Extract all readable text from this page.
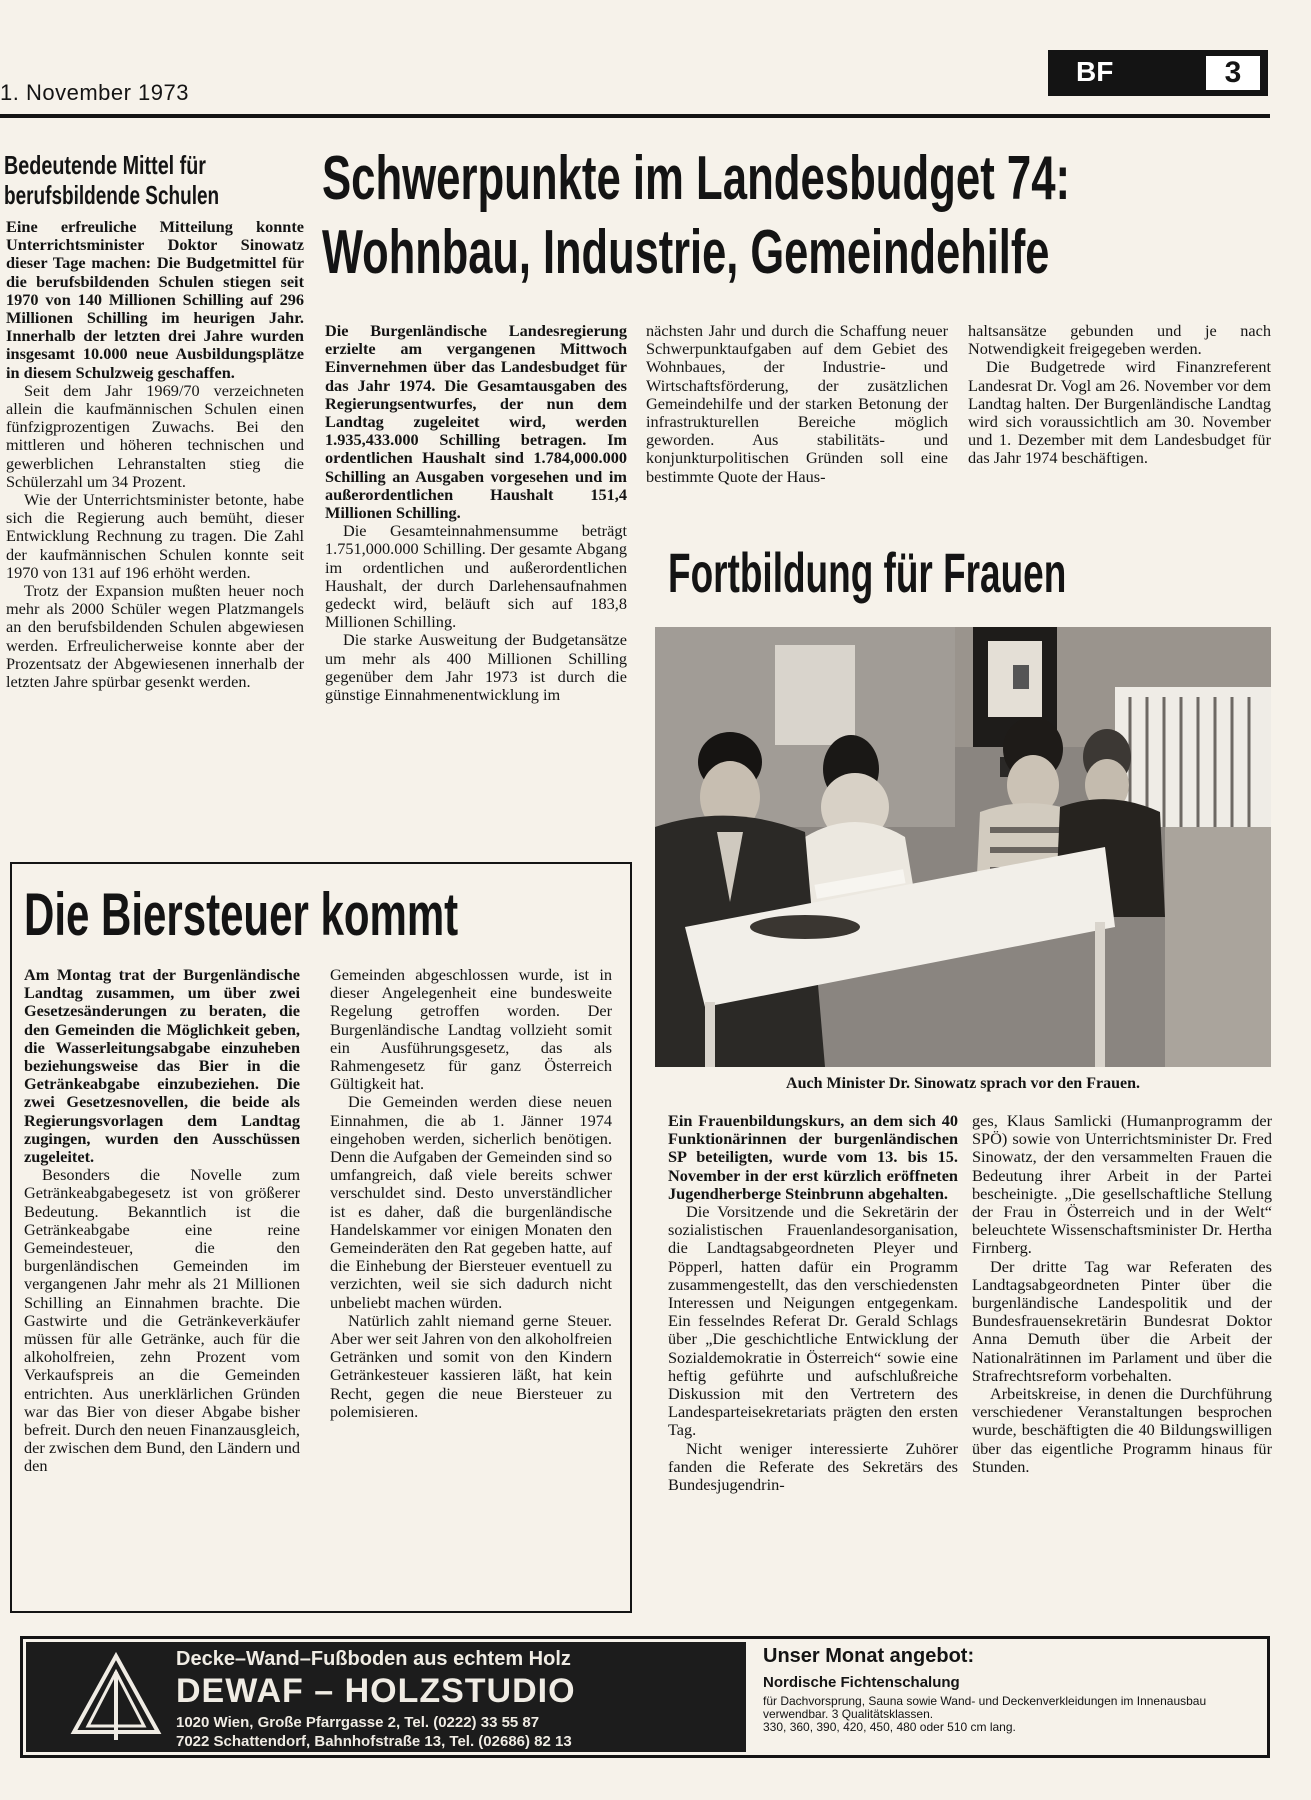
1. November 1973
BF	3
Bedeutende Mittel für
berufsbildende Schulen

Eine erfreuliche Mitteilung konnte Unterrichtsminister Doktor Sinowatz dieser Tage machen: Die Budgetmittel für die berufsbildenden Schulen stiegen seit 1970 von 140 Millionen Schilling auf 296 Millionen Schilling im heurigen Jahr. Innerhalb der letzten drei Jahre wurden insgesamt 10.000 neue Ausbildungsplätze in diesem Schulzweig geschaffen.

Seit dem Jahr 1969/70 verzeichneten allein die kaufmännischen Schulen einen fünfzigprozentigen Zuwachs. Bei den mittleren und höheren technischen und gewerblichen Lehranstalten stieg die Schülerzahl um 34 Prozent.

Wie der Unterrichtsminister betonte, habe sich die Regierung auch bemüht, dieser Entwicklung Rechnung zu tragen. Die Zahl der kaufmännischen Schulen konnte seit 1970 von 131 auf 196 erhöht werden.

Trotz der Expansion mußten heuer noch mehr als 2000 Schüler wegen Platzmangels an den berufsbildenden Schulen abgewiesen werden. Erfreulicherweise konnte aber der Prozentsatz der Abgewiesenen innerhalb der letzten Jahre spürbar gesenkt werden.

Schwerpunkte im Landesbudget 74:
Wohnbau, Industrie, Gemeindehilfe

Die Burgenländische Landesregierung erzielte am vergangenen Mittwoch Einvernehmen über das Landesbudget für das Jahr 1974. Die Gesamtausgaben des Regierungsentwurfes, der nun dem Landtag zugeleitet wird, werden 1.935,433.000 Schilling betragen. Im ordentlichen Haushalt sind 1.784,000.000 Schilling an Ausgaben vorgesehen und im außerordentlichen Haushalt 151,4 Millionen Schilling.

Die Gesamteinnahmensumme beträgt 1.751,000.000 Schilling. Der gesamte Abgang im ordentlichen und außerordentlichen Haushalt, der durch Darlehensaufnahmen gedeckt wird, beläuft sich auf 183,8 Millionen Schilling.

Die starke Ausweitung der Budgetansätze um mehr als 400 Millionen Schilling gegenüber dem Jahr 1973 ist durch die günstige Einnahmenentwicklung im

nächsten Jahr und durch die Schaffung neuer Schwerpunktaufgaben auf dem Gebiet des Wohnbaues, der Industrie- und Wirtschaftsförderung, der zusätzlichen Gemeindehilfe und der starken Betonung der infrastrukturellen Bereiche möglich geworden. Aus stabilitäts- und konjunkturpolitischen Gründen soll eine bestimmte Quote der Haus-

haltsansätze gebunden und je nach Notwendigkeit freigegeben werden.

Die Budgetrede wird Finanzreferent Landesrat Dr. Vogl am 26. November vor dem Landtag halten. Der Burgenländische Landtag wird sich voraussichtlich am 30. November und 1. Dezember mit dem Landesbudget für das Jahr 1974 beschäftigen.

Fortbildung für Frauen
Auch Minister Dr. Sinowatz sprach vor den Frauen.

Ein Frauenbildungskurs, an dem sich 40 Funktionärinnen der burgenländischen SP beteiligten, wurde vom 13. bis 15. November in der erst kürzlich eröffneten Jugendherberge Steinbrunn abgehalten.

Die Vorsitzende und die Sekretärin der sozialistischen Frauenlandesorganisation, die Landtagsabgeordneten Pleyer und Pöpperl, hatten dafür ein Programm zusammengestellt, das den verschiedensten Interessen und Neigungen entgegenkam. Ein fesselndes Referat Dr. Gerald Schlags über „Die geschichtliche Entwicklung der Sozialdemokratie in Österreich“ sowie eine heftig geführte und aufschlußreiche Diskussion mit den Vertretern des Landesparteisekretariats prägten den ersten Tag.

Nicht weniger interessierte Zuhörer fanden die Referate des Sekretärs des Bundesjugendrin-

ges, Klaus Samlicki (Humanprogramm der SPÖ) sowie von Unterrichtsminister Dr. Fred Sinowatz, der den versammelten Frauen die Bedeutung ihrer Arbeit in der Partei bescheinigte. „Die gesellschaftliche Stellung der Frau in Österreich und in der Welt“ beleuchtete Wissenschaftsminister Dr. Hertha Firnberg.

Der dritte Tag war Referaten des Landtagsabgeordneten Pinter über die burgenländische Landespolitik und der Bundesfrauensekretärin Bundesrat Doktor Anna Demuth über die Arbeit der Nationalrätinnen im Parlament und über die Strafrechtsreform vorbehalten.

Arbeitskreise, in denen die Durchführung verschiedener Veranstaltungen besprochen wurde, beschäftigten die 40 Bildungswilligen über das eigentliche Programm hinaus für Stunden.

Die Biersteuer kommt

Am Montag trat der Burgenländische Landtag zusammen, um über zwei Gesetzesänderungen zu beraten, die den Gemeinden die Möglichkeit geben, die Wasserleitungsabgabe einzuheben beziehungsweise das Bier in die Getränkeabgabe einzubeziehen. Die zwei Gesetzesnovellen, die beide als Regierungsvorlagen dem Landtag zugingen, wurden den Ausschüssen zugeleitet.

Besonders die Novelle zum Getränkeabgabegesetz ist von größerer Bedeutung. Bekanntlich ist die Getränkeabgabe eine reine Gemeindesteuer, die den burgenländischen Gemeinden im vergangenen Jahr mehr als 21 Millionen Schilling an Einnahmen brachte. Die Gastwirte und die Getränkeverkäufer müssen für alle Getränke, auch für die alkoholfreien, zehn Prozent vom Verkaufspreis an die Gemeinden entrichten. Aus unerklärlichen Gründen war das Bier von dieser Abgabe bisher befreit. Durch den neuen Finanzausgleich, der zwischen dem Bund, den Ländern und den

Gemeinden abgeschlossen wurde, ist in dieser Angelegenheit eine bundesweite Regelung getroffen worden. Der Burgenländische Landtag vollzieht somit ein Ausführungsgesetz, das als Rahmengesetz für ganz Österreich Gültigkeit hat.

Die Gemeinden werden diese neuen Einnahmen, die ab 1. Jänner 1974 eingehoben werden, sicherlich benötigen. Denn die Aufgaben der Gemeinden sind so umfangreich, daß viele bereits schwer verschuldet sind. Desto unverständlicher ist es daher, daß die burgenländische Handelskammer vor einigen Monaten den Gemeinderäten den Rat gegeben hatte, auf die Einhebung der Biersteuer eventuell zu verzichten, weil sie sich dadurch nicht unbeliebt machen würden.

Natürlich zahlt niemand gerne Steuer. Aber wer seit Jahren von den alkoholfreien Getränken und somit von den Kindern Getränkesteuer kassieren läßt, hat kein Recht, gegen die neue Biersteuer zu polemisieren.

Decke–Wand–Fußboden aus echtem Holz
DEWAF – HOLZSTUDIO
1020 Wien, Große Pfarrgasse 2, Tel. (0222) 33 55 87
7022 Schattendorf, Bahnhofstraße 13, Tel. (02686) 82 13
Unser Monat angebot:
Nordische Fichtenschalung
für Dachvorsprung, Sauna sowie Wand- und Deckenverkleidungen im Innenausbau verwendbar. 3 Qualitätsklassen.
330, 360, 390, 420, 450, 480 oder 510 cm lang.
